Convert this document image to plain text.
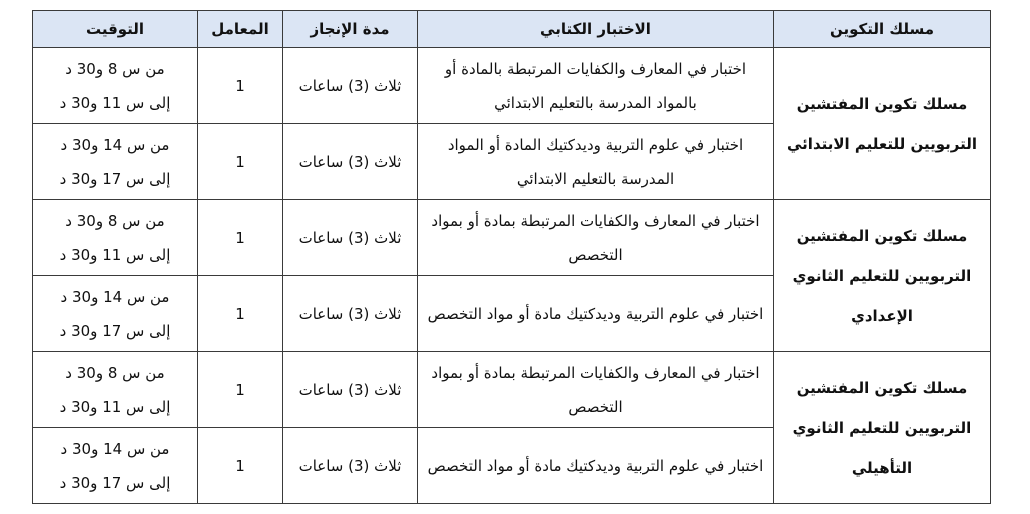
مسلك التكوين	الاختبار الكتابي	مدة الإنجاز	المعامل	التوقيت
مسلك تكوين المفتشين التربويين للتعليم الابتدائي	اختبار في المعارف والكفايات المرتبطة بالمادة أو بالمواد المدرسة بالتعليم الابتدائي	ثلاث (3) ساعات	1	من س 8 و30 د
إلى س 11 و30 د

	اختبار في علوم التربية وديدكتيك المادة أو المواد المدرسة بالتعليم الابتدائي	ثلاث (3) ساعات	1	من س 14 و30 د
إلى س 17 و30 د

مسلك تكوين المفتشين التربويين للتعليم الثانوي الإعدادي	اختبار في المعارف والكفايات المرتبطة بمادة أو بمواد التخصص	ثلاث (3) ساعات	1	من س 8 و30 د
إلى س 11 و30 د

	اختبار في علوم التربية وديدكتيك مادة أو مواد التخصص	ثلاث (3) ساعات	1	من س 14 و30 د
إلى س 17 و30 د

مسلك تكوين المفتشين التربويين للتعليم الثانوي التأهيلي	اختبار في المعارف والكفايات المرتبطة بمادة أو بمواد التخصص	ثلاث (3) ساعات	1	من س 8 و30 د
إلى س 11 و30 د

	اختبار في علوم التربية وديدكتيك مادة أو مواد التخصص	ثلاث (3) ساعات	1	من س 14 و30 د
إلى س 17 و30 د
